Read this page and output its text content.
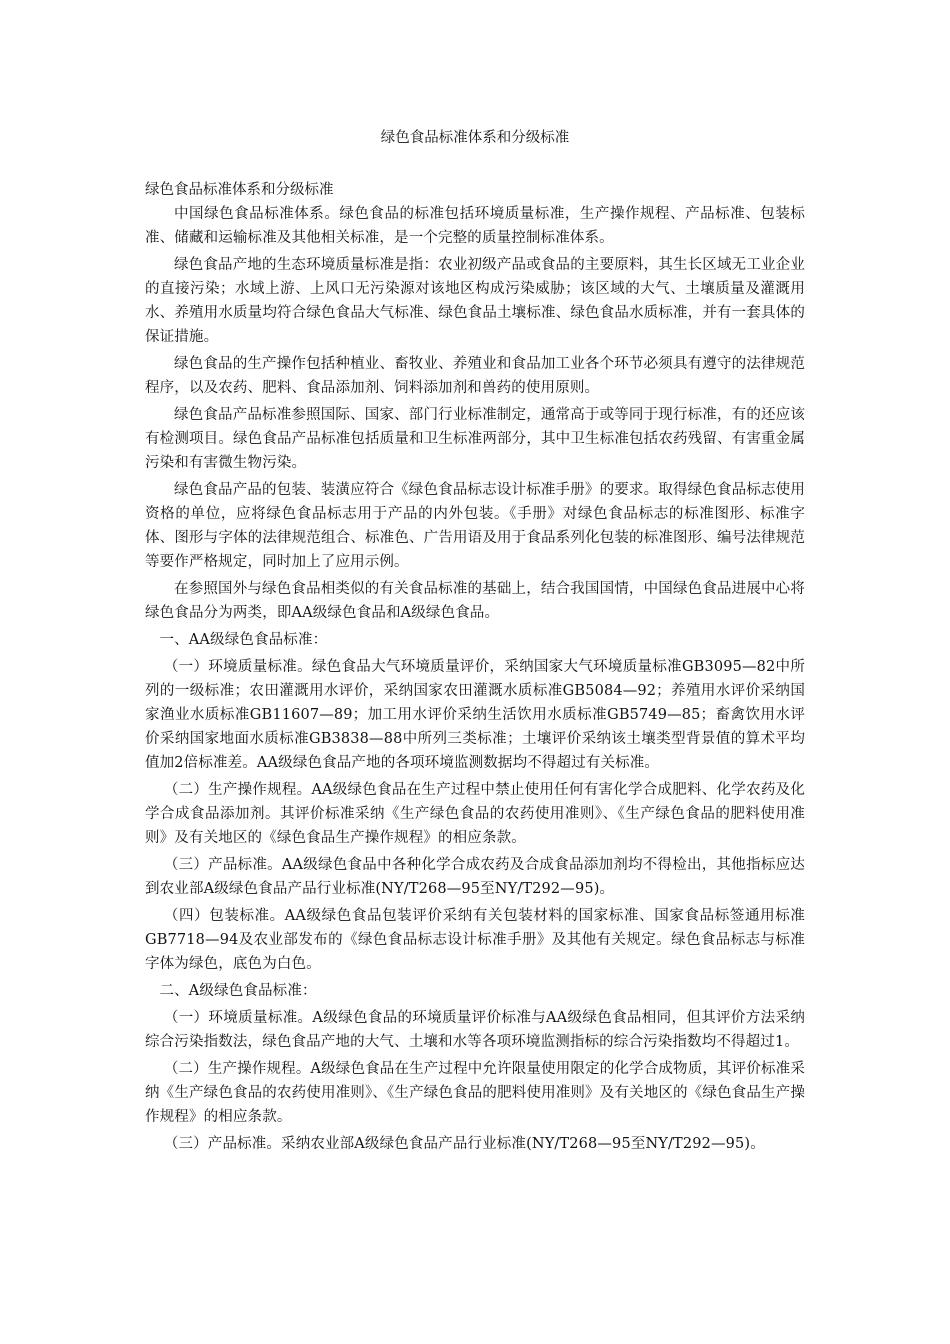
绿色食品标准体系和分级标准

绿色食品标准体系和分级标准

中国绿色食品标准体系。绿色食品的标准包括环境质量标准，生产操作规程、产品标准、包装标准、储藏和运输标准及其他相关标准，是一个完整的质量控制标准体系。

绿色食品产地的生态环境质量标准是指：农业初级产品或食品的主要原料，其生长区域无工业企业的直接污染；水域上游、上风口无污染源对该地区构成污染威胁；该区域的大气、土壤质量及灌溉用水、养殖用水质量均符合绿色食品大气标准、绿色食品土壤标准、绿色食品水质标准，并有一套具体的保证措施。

绿色食品的生产操作包括种植业、畜牧业、养殖业和食品加工业各个环节必须具有遵守的法律规范程序，以及农药、肥料、食品添加剂、饲料添加剂和兽药的使用原则。

绿色食品产品标准参照国际、国家、部门行业标准制定，通常高于或等同于现行标准，有的还应该有检测项目。绿色食品产品标准包括质量和卫生标准两部分，其中卫生标准包括农药残留、有害重金属污染和有害微生物污染。

绿色食品产品的包装、装潢应符合《绿色食品标志设计标准手册》的要求。取得绿色食品标志使用资格的单位，应将绿色食品标志用于产品的内外包装。《手册》对绿色食品标志的标准图形、标准字体、图形与字体的法律规范组合、标准色、广告用语及用于食品系列化包装的标准图形、编号法律规范等要作严格规定，同时加上了应用示例。

在参照国外与绿色食品相类似的有关食品标准的基础上，结合我国国情，中国绿色食品进展中心将绿色食品分为两类，即AA级绿色食品和A级绿色食品。

一、AA级绿色食品标准：

（一）环境质量标准。绿色食品大气环境质量评价，采纳国家大气环境质量标准GB3095—82中所列的一级标准；农田灌溉用水评价，采纳国家农田灌溉水质标准GB5084—92；养殖用水评价采纳国家渔业水质标准GB11607—89；加工用水评价采纳生活饮用水质标准GB5749—85；畜禽饮用水评价采纳国家地面水质标准GB3838—88中所列三类标准；土壤评价采纳该土壤类型背景值的算术平均值加2倍标准差。AA级绿色食品产地的各项环境监测数据均不得超过有关标准。

（二）生产操作规程。AA级绿色食品在生产过程中禁止使用任何有害化学合成肥料、化学农药及化学合成食品添加剂。其评价标准采纳《生产绿色食品的农药使用准则》、《生产绿色食品的肥料使用准则》及有关地区的《绿色食品生产操作规程》的相应条款。

（三）产品标准。AA级绿色食品中各种化学合成农药及合成食品添加剂均不得检出，其他指标应达到农业部A级绿色食品产品行业标准(NY/T268—95至NY/T292—95)。

（四）包装标准。AA级绿色食品包装评价采纳有关包装材料的国家标准、国家食品标签通用标准GB7718—94及农业部发布的《绿色食品标志设计标准手册》及其他有关规定。绿色食品标志与标准字体为绿色，底色为白色。

二、A级绿色食品标准：

（一）环境质量标准。A级绿色食品的环境质量评价标准与AA级绿色食品相同，但其评价方法采纳综合污染指数法，绿色食品产地的大气、土壤和水等各项环境监测指标的综合污染指数均不得超过1。

（二）生产操作规程。A级绿色食品在生产过程中允许限量使用限定的化学合成物质，其评价标准采纳《生产绿色食品的农药使用准则》、《生产绿色食品的肥料使用准则》及有关地区的《绿色食品生产操作规程》的相应条款。

（三）产品标准。采纳农业部A级绿色食品产品行业标准(NY/T268—95至NY/T292—95)。
